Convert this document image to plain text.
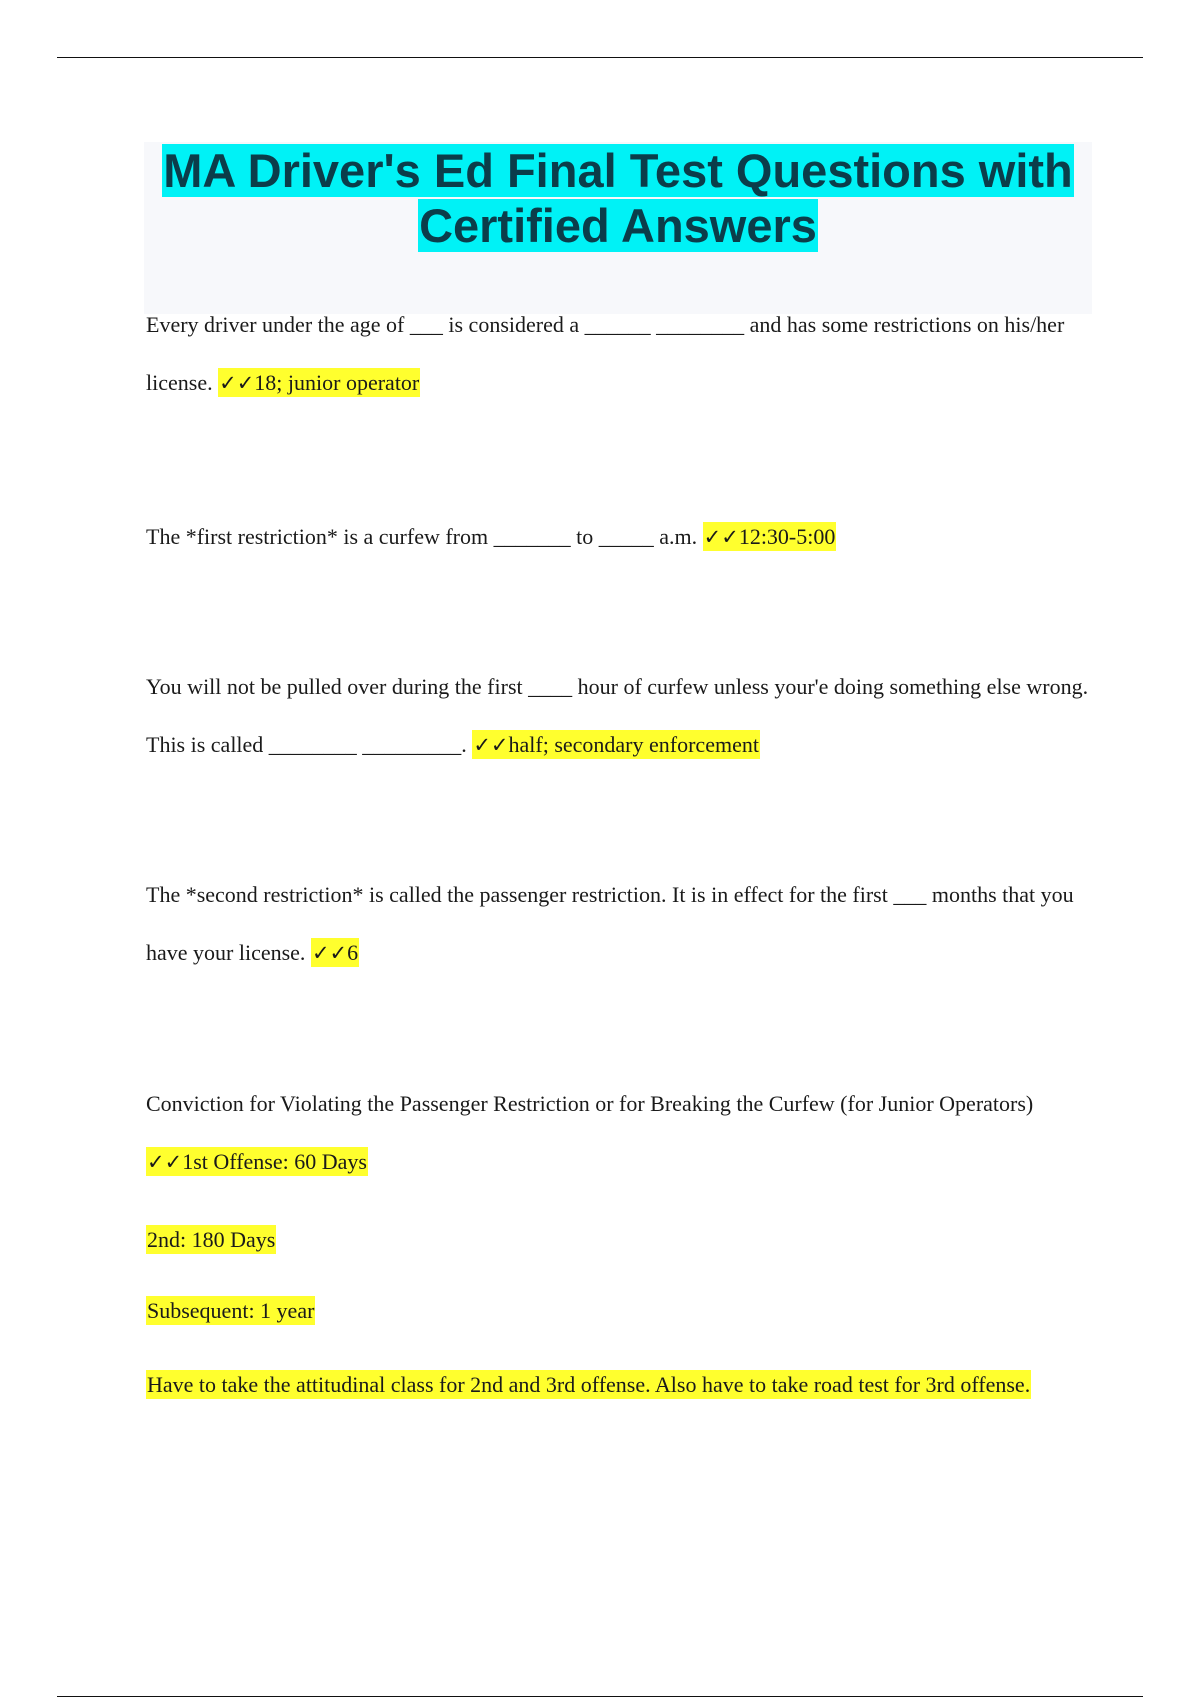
MA Driver's Ed Final Test Questions with
Certified Answers

Every driver under the age of ___ is considered a ______ ________ and has some restrictions on his/her license. ✓✓18; junior operator

The *first restriction* is a curfew from _______ to _____ a.m. ✓✓12:30-5:00

You will not be pulled over during the first ____ hour of curfew unless your'e doing something else wrong. This is called ________ _________. ✓✓half; secondary enforcement

The *second restriction* is called the passenger restriction. It is in effect for the first ___ months that you have your license. ✓✓6

Conviction for Violating the Passenger Restriction or for Breaking the Curfew (for Junior Operators) ✓✓1st Offense: 60 Days

2nd: 180 Days

Subsequent: 1 year

Have to take the attitudinal class for 2nd and 3rd offense. Also have to take road test for 3rd offense.
